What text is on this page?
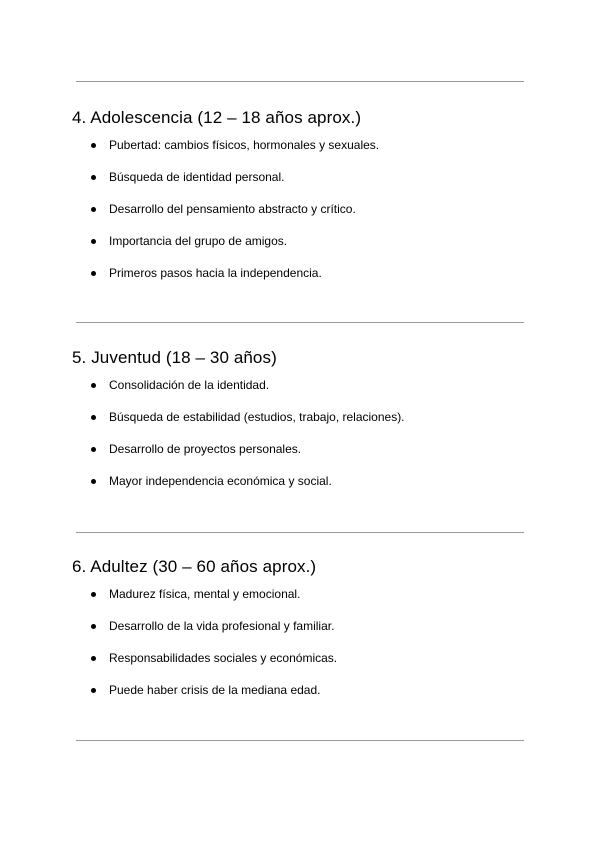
4. Adolescencia (12 – 18 años aprox.)
Pubertad: cambios físicos, hormonales y sexuales.
Búsqueda de identidad personal.
Desarrollo del pensamiento abstracto y crítico.
Importancia del grupo de amigos.
Primeros pasos hacia la independencia.
5. Juventud (18 – 30 años)
Consolidación de la identidad.
Búsqueda de estabilidad (estudios, trabajo, relaciones).
Desarrollo de proyectos personales.
Mayor independencia económica y social.
6. Adultez (30 – 60 años aprox.)
Madurez física, mental y emocional.
Desarrollo de la vida profesional y familiar.
Responsabilidades sociales y económicas.
Puede haber crisis de la mediana edad.
